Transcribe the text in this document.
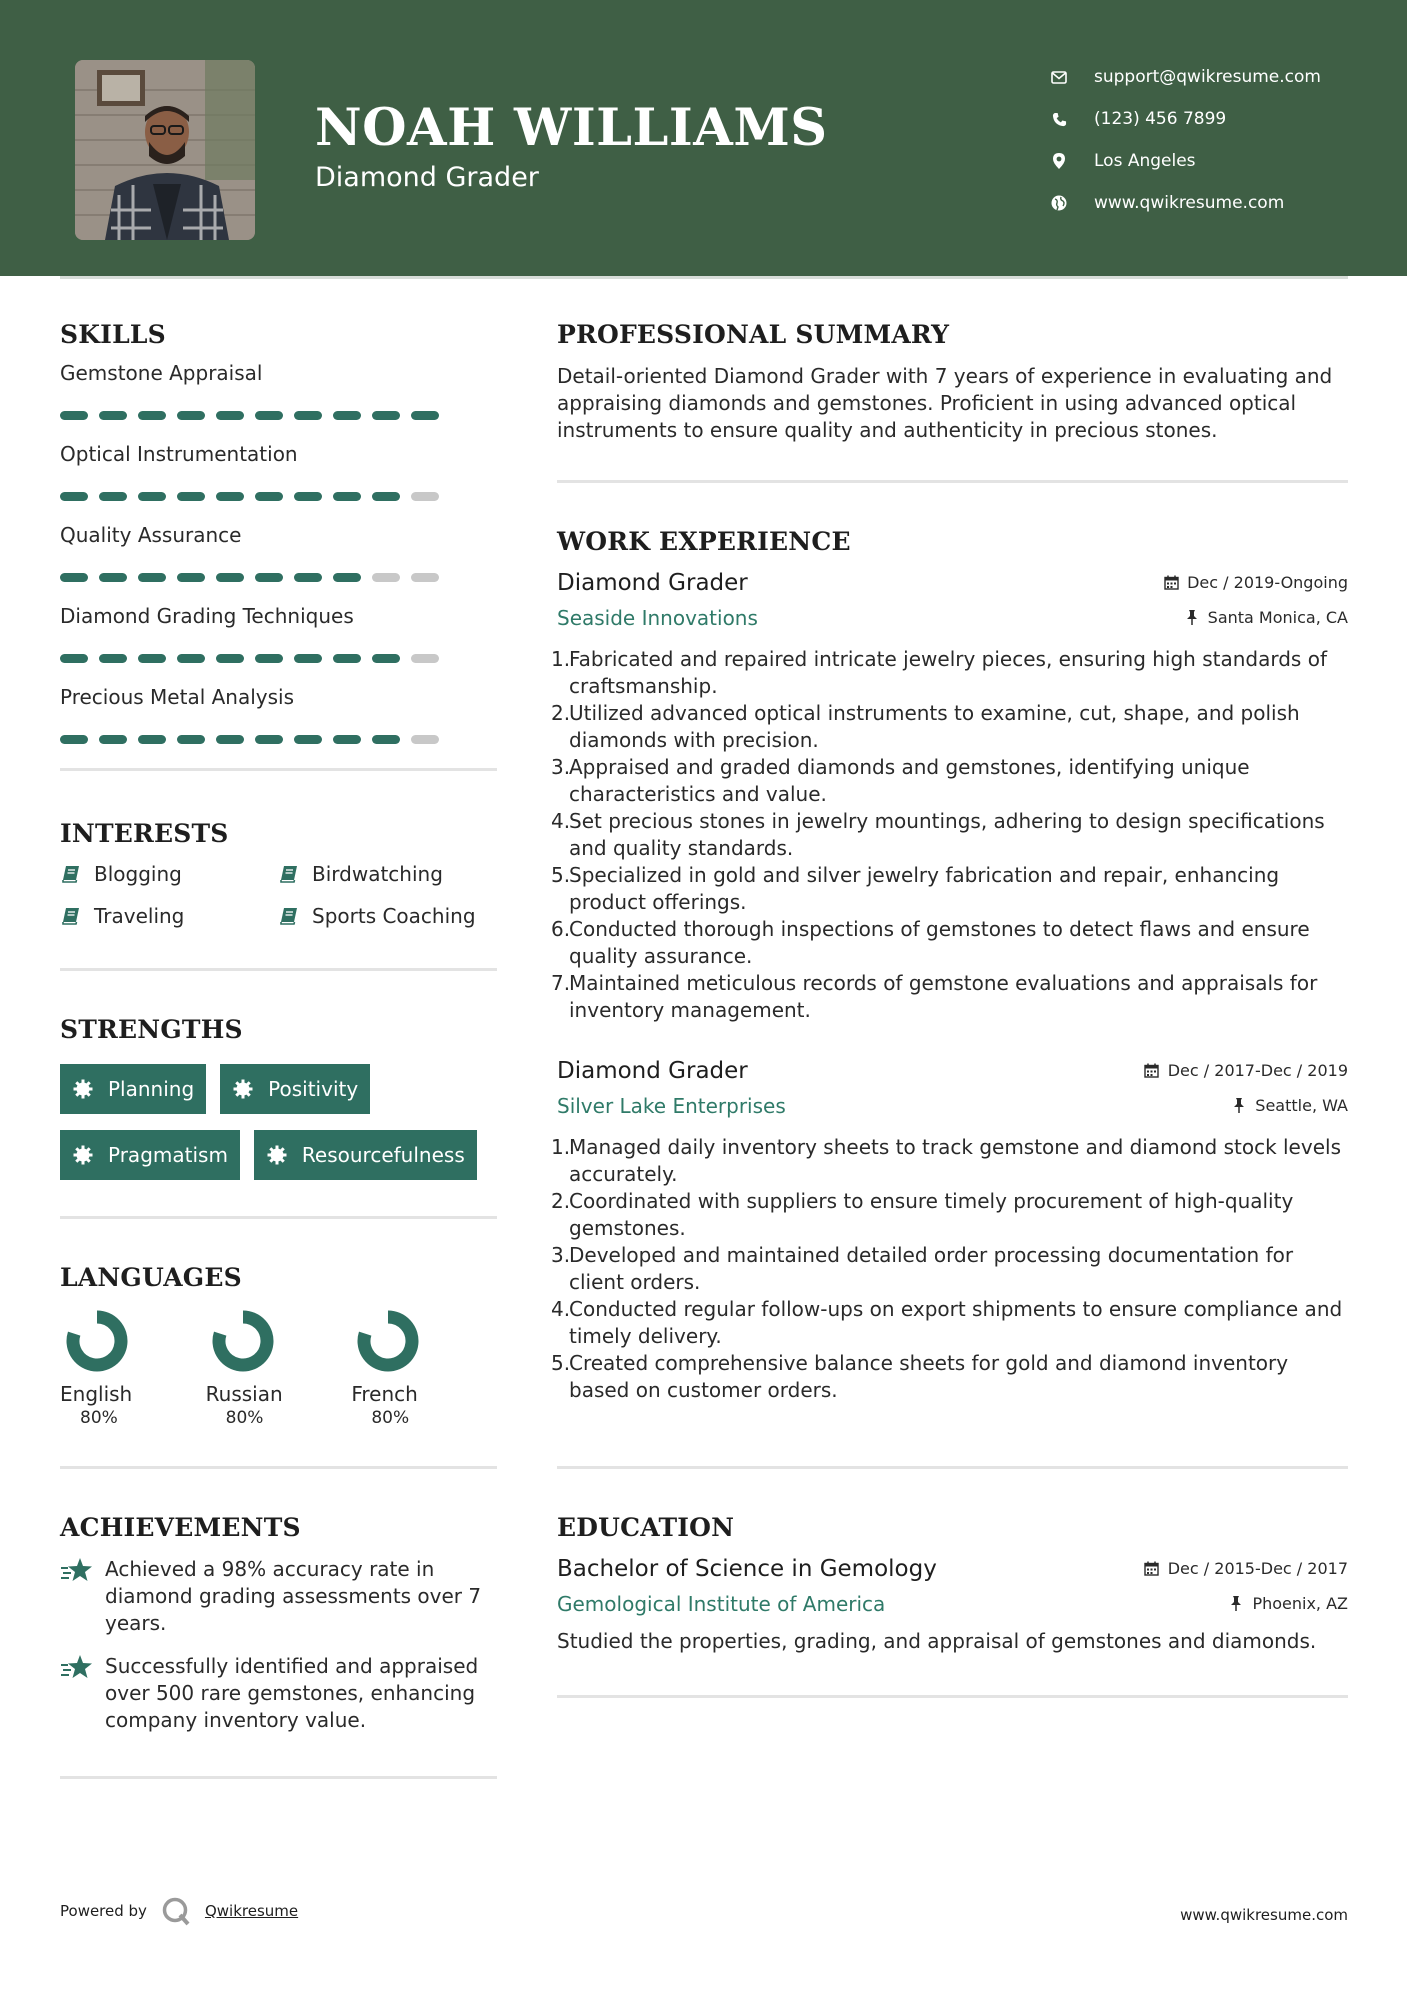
NOAH WILLIAMS
Diamond Grader
support@qwikresume.com
(123) 456 7899
Los Angeles
www.qwikresume.com
SKILLS
Gemstone Appraisal
Optical Instrumentation
Quality Assurance
Diamond Grading Techniques
Precious Metal Analysis
INTERESTS
Blogging	Birdwatching
Traveling	Sports Coaching
STRENGTHS
Planning	Positivity
Pragmatism	Resourcefulness
LANGUAGES
English
80%
Russian
80%
French
80%
ACHIEVEMENTS
Achieved a 98% accuracy rate in diamond grading assessments over 7 years.
Successfully identified and appraised over 500 rare gemstones, enhancing company inventory value.
PROFESSIONAL SUMMARY
Detail-oriented Diamond Grader with 7 years of experience in evaluating and appraising diamonds and gemstones. Proficient in using advanced optical instruments to ensure quality and authenticity in precious stones.
WORK EXPERIENCE
Diamond Grader	Dec / 2019-Ongoing
Seaside Innovations	Santa Monica, CA
1.
Fabricated and repaired intricate jewelry pieces, ensuring high standards of craftsmanship.
2.
Utilized advanced optical instruments to examine, cut, shape, and polish diamonds with precision.
3.
Appraised and graded diamonds and gemstones, identifying unique characteristics and value.
4.
Set precious stones in jewelry mountings, adhering to design specifications and quality standards.
5.
Specialized in gold and silver jewelry fabrication and repair, enhancing product offerings.
6.
Conducted thorough inspections of gemstones to detect flaws and ensure quality assurance.
7.
Maintained meticulous records of gemstone evaluations and appraisals for inventory management.
Diamond Grader	Dec / 2017-Dec / 2019
Silver Lake Enterprises	Seattle, WA
1.
Managed daily inventory sheets to track gemstone and diamond stock levels accurately.
2.
Coordinated with suppliers to ensure timely procurement of high-quality gemstones.
3.
Developed and maintained detailed order processing documentation for client orders.
4.
Conducted regular follow-ups on export shipments to ensure compliance and timely delivery.
5.
Created comprehensive balance sheets for gold and diamond inventory based on customer orders.
EDUCATION
Bachelor of Science in Gemology	Dec / 2015-Dec / 2017
Gemological Institute of America	Phoenix, AZ
Studied the properties, grading, and appraisal of gemstones and diamonds.
Powered by	Qwikresume	www.qwikresume.com
